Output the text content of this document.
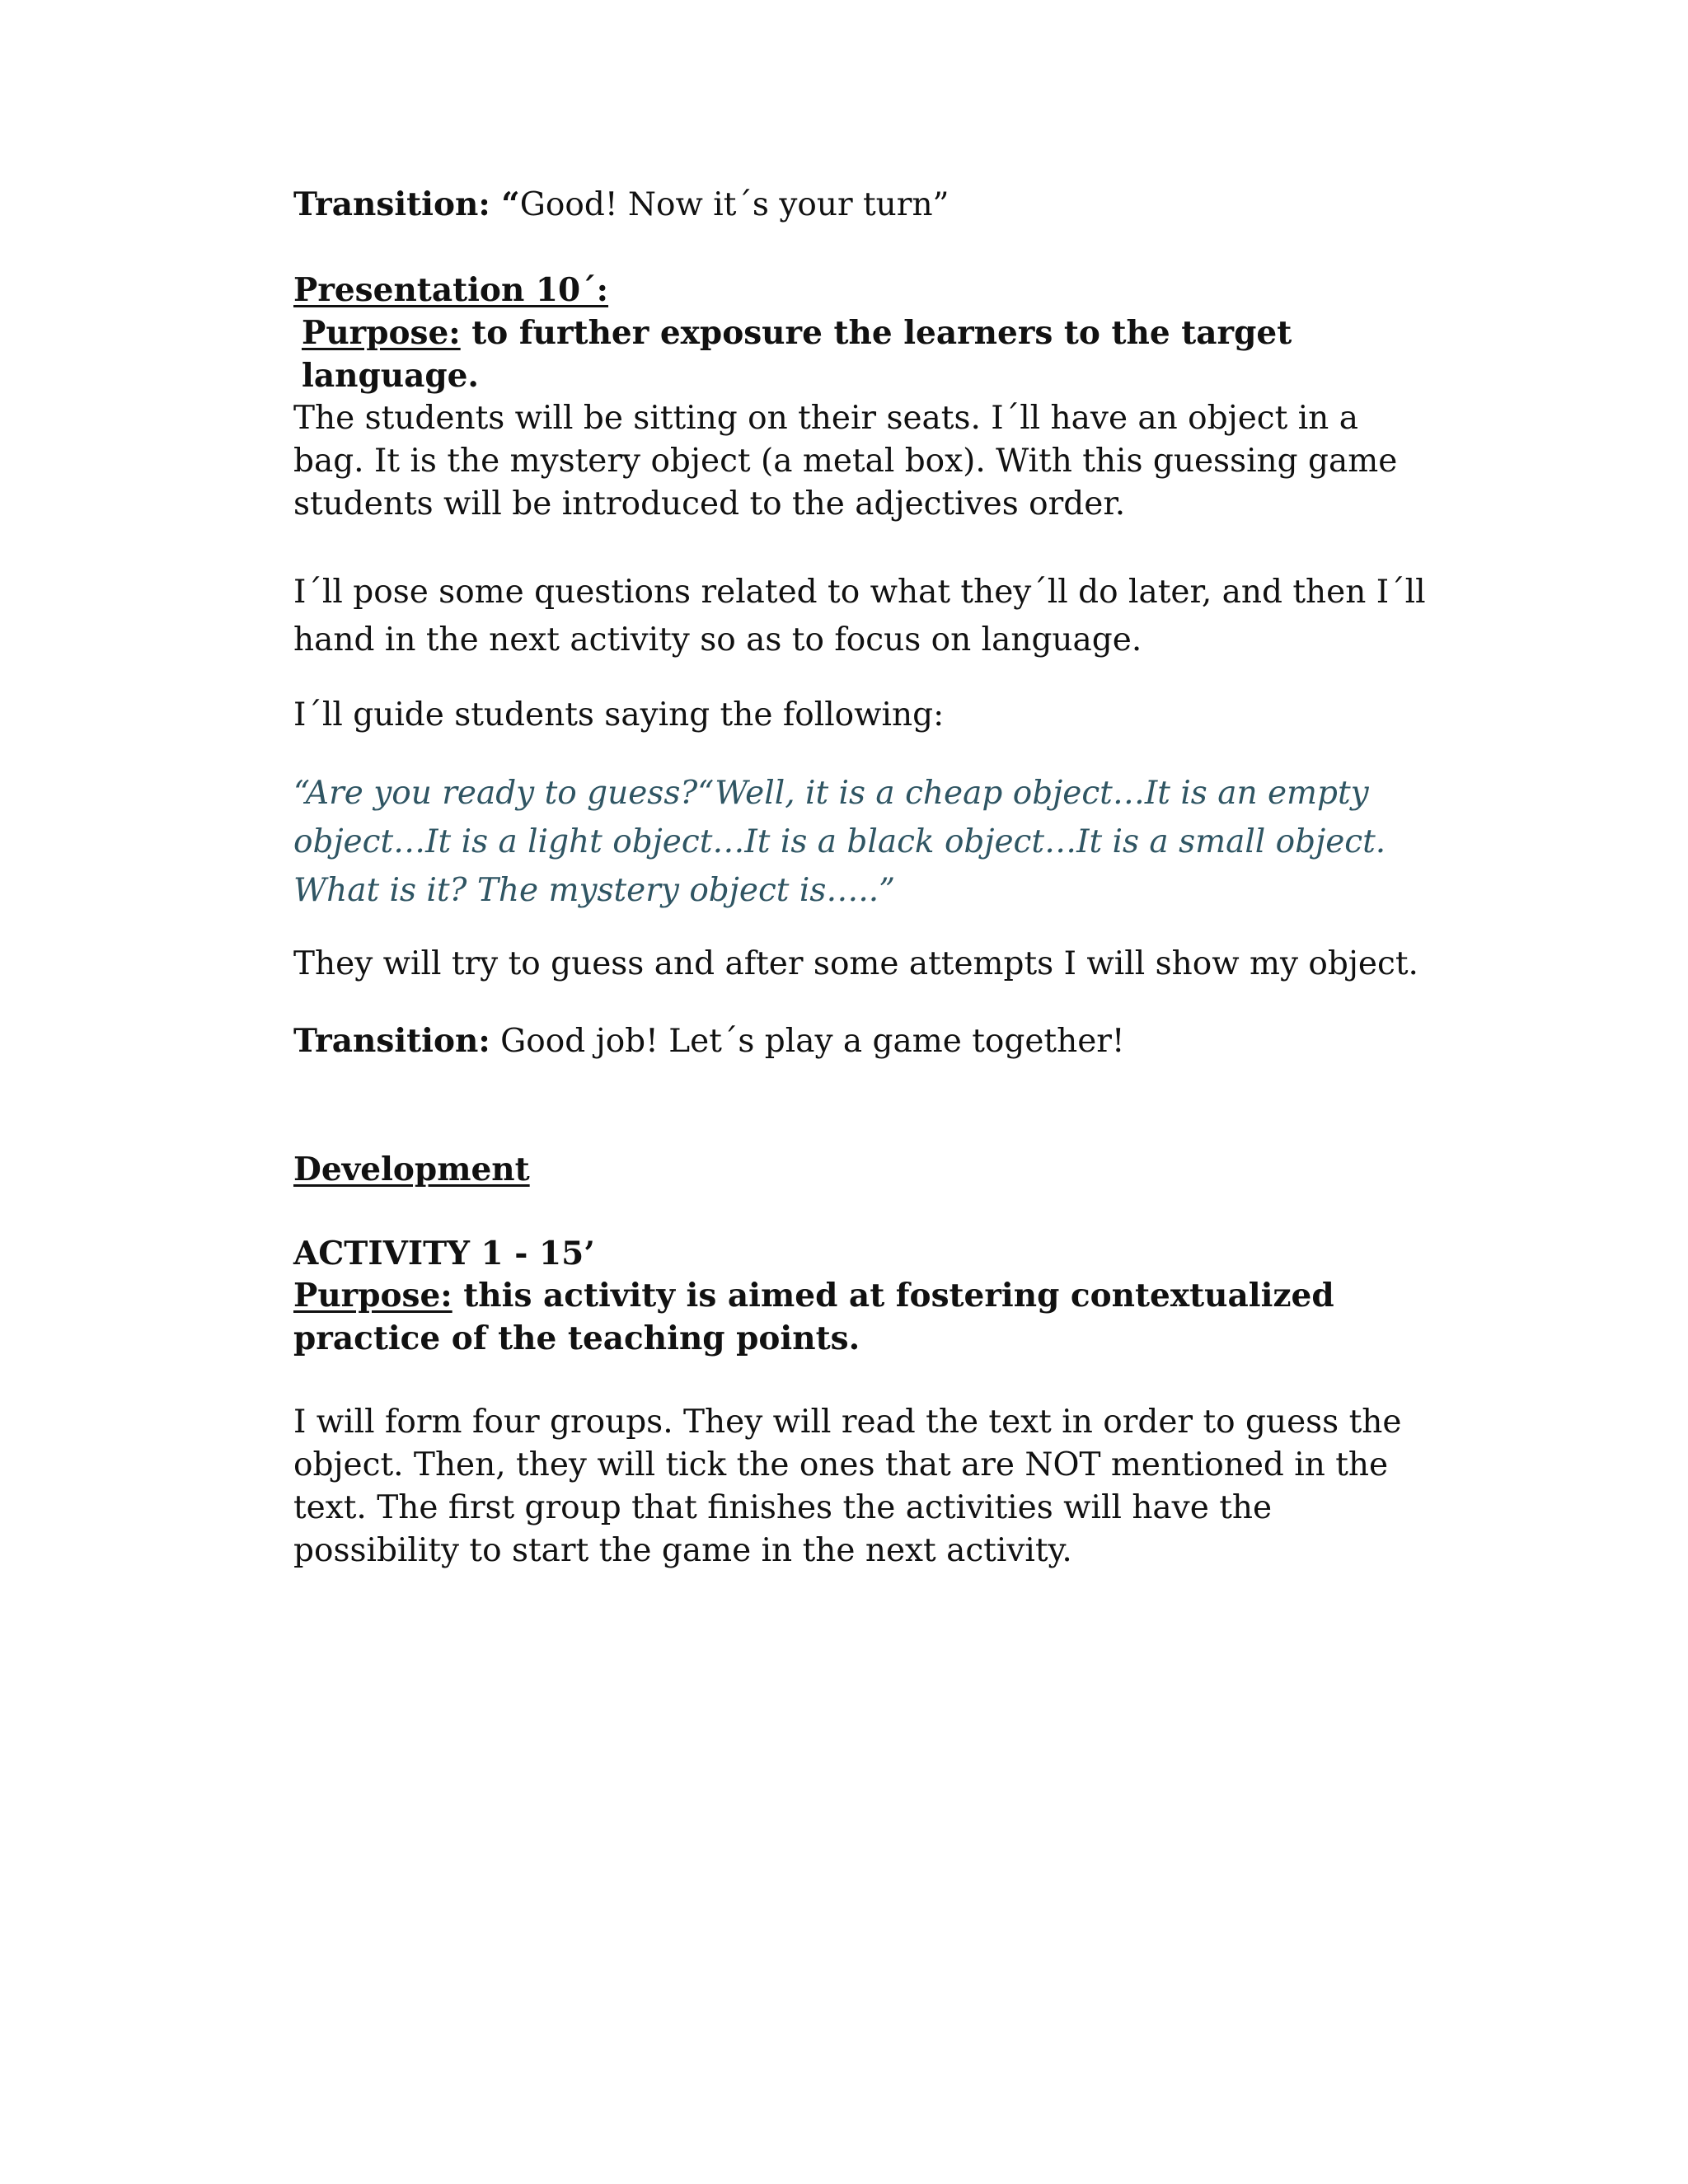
Transition: “Good! Now it´s your turn”

Presentation 10´:

Purpose: to further exposure the learners to the target language.

The students will be sitting on their seats. I´ll have an object in a bag. It is the mystery object (a metal box). With this guessing game students will be introduced to the adjectives order.

I´ll pose some questions related to what they´ll do later, and then I´ll hand in the next activity so as to focus on language.

I´ll guide students saying the following:

“Are you ready to guess?“Well, it is a cheap object…It is an empty object…It is a light object…It is a black object…It is a small object. What is it? The mystery object is…..”

They will try to guess and after some attempts I will show my object.

Transition: Good job! Let´s play a game together!

Development

ACTIVITY 1 - 15’

Purpose: this activity is aimed at fostering contextualized practice of the teaching points.

I will form four groups. They will read the text in order to guess the object. Then, they will tick the ones that are NOT mentioned in the text. The first group that finishes the activities will have the possibility to start the game in the next activity.
